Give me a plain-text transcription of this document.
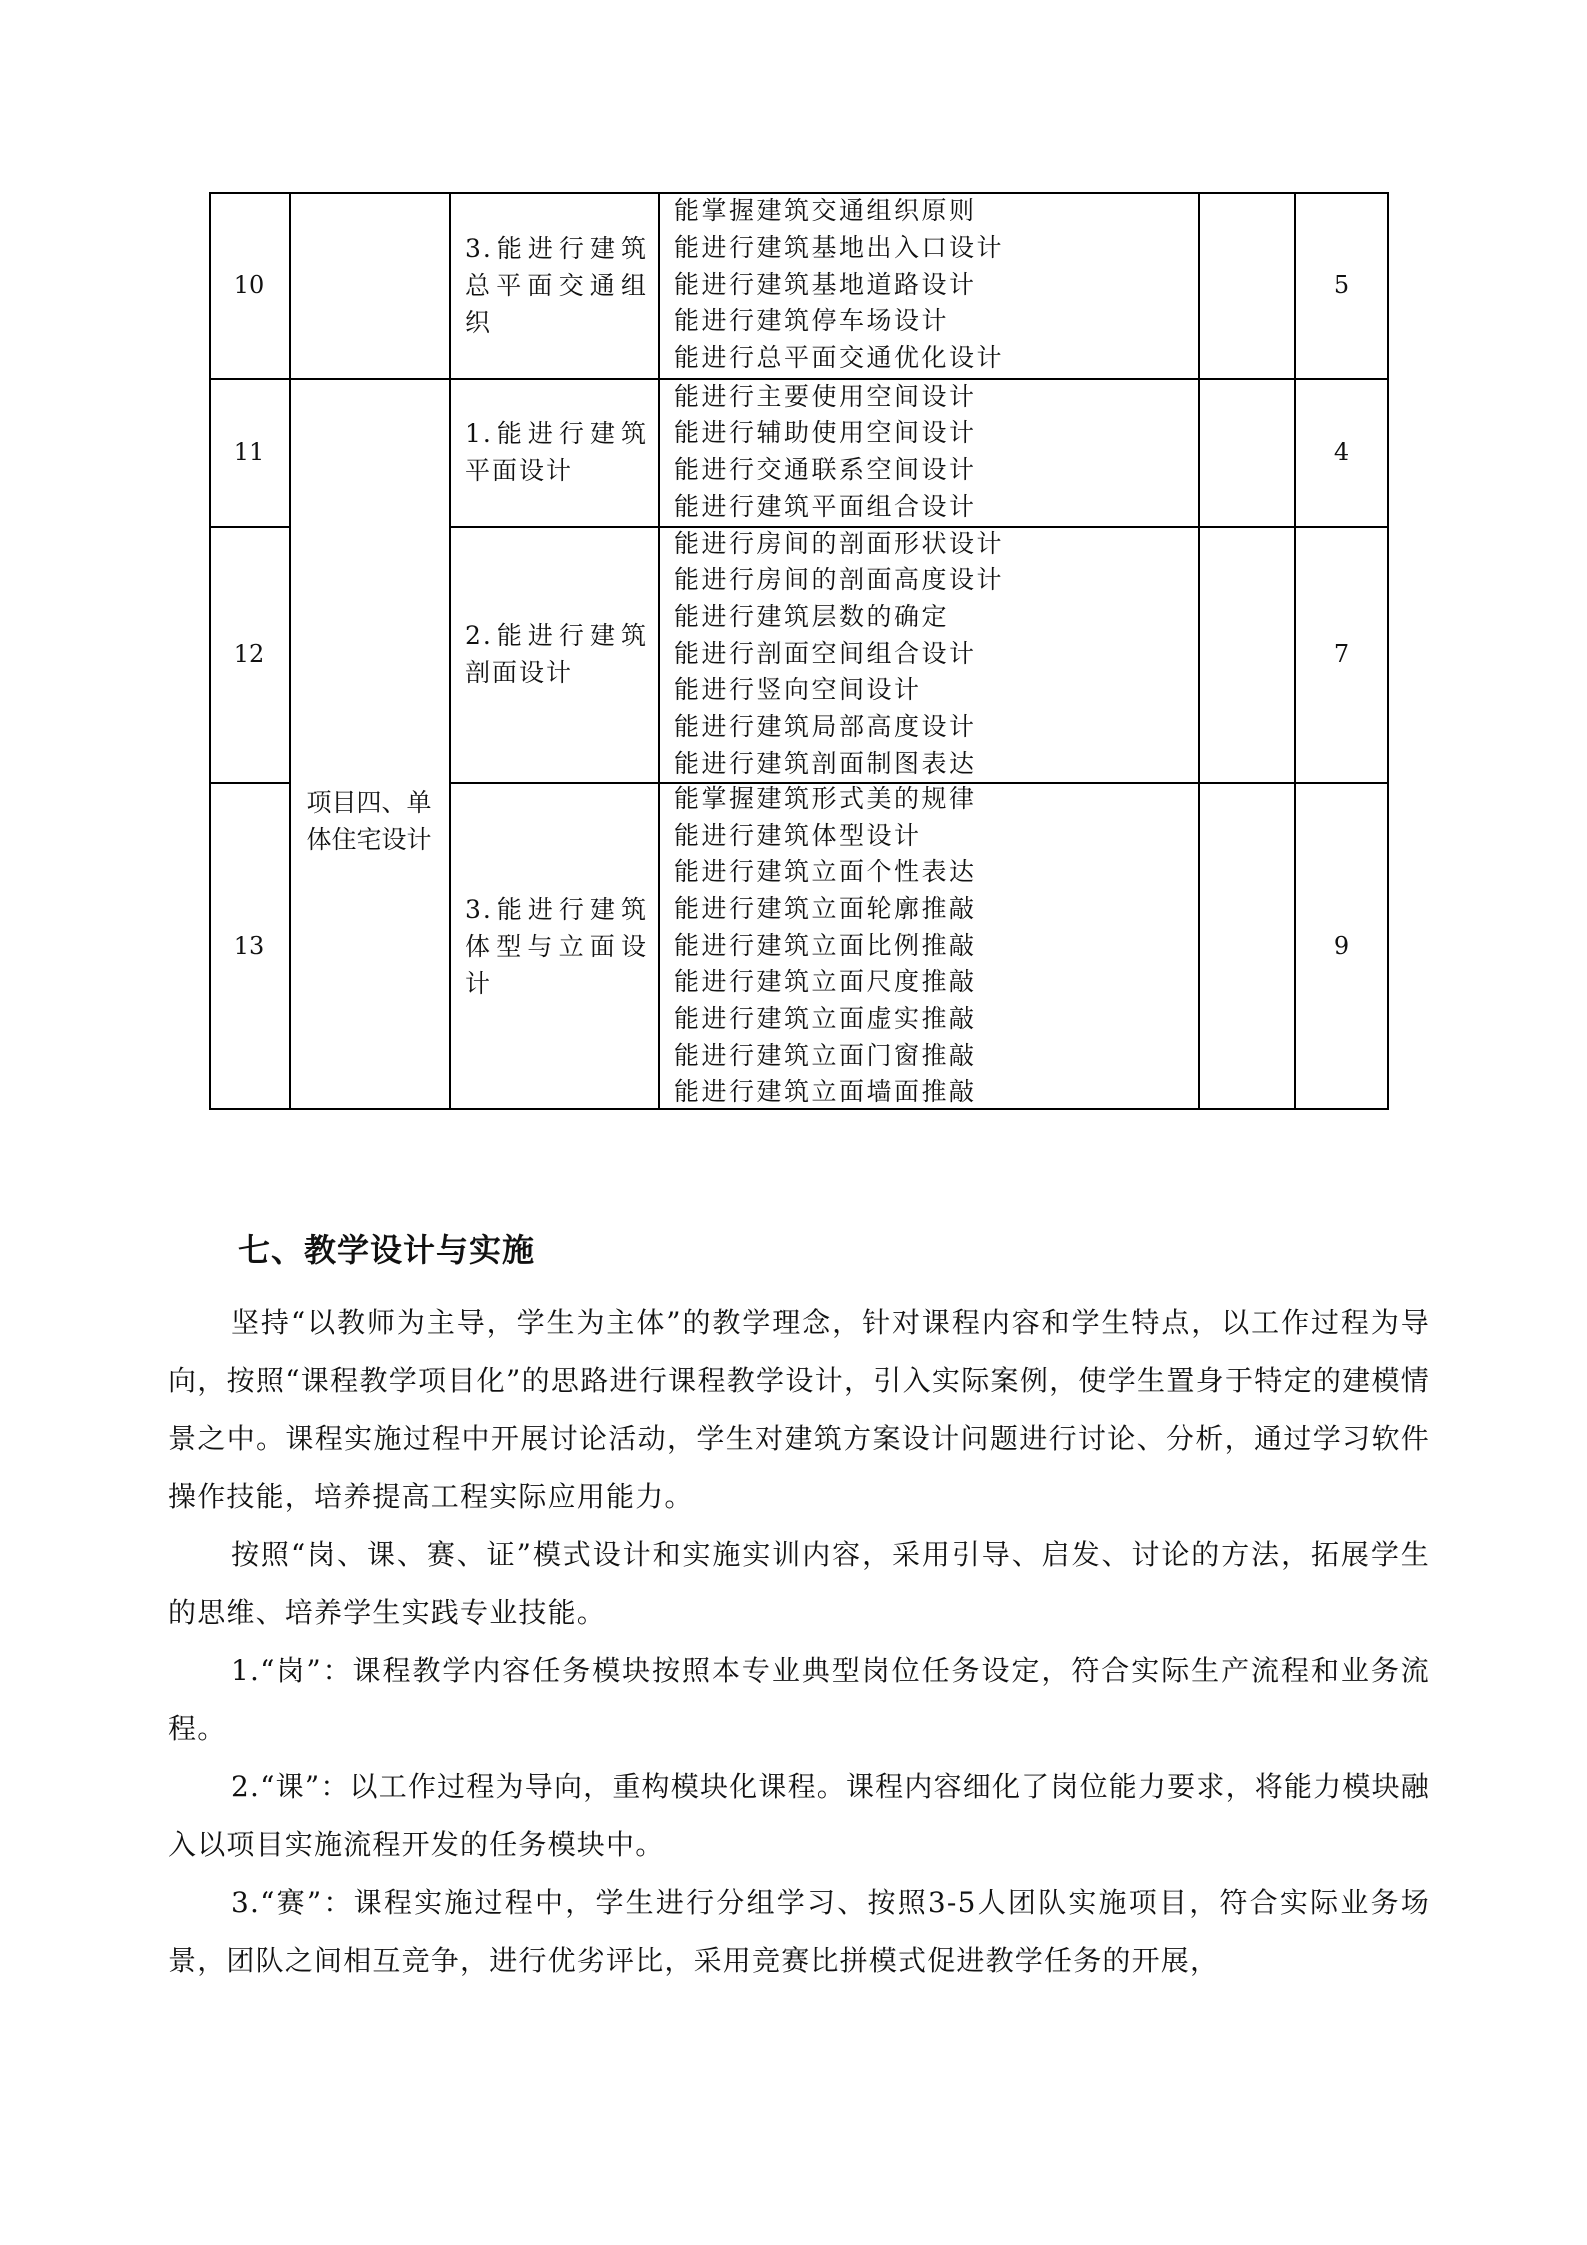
10
3.能进行建筑总平面交通组织
能掌握建筑交通组织原则
能进行建筑基地出入口设计
能进行建筑基地道路设计
能进行建筑停车场设计
能进行总平面交通优化设计
5
项目四、单体住宅设计
11
1.能进行建筑平面设计
能进行主要使用空间设计
能进行辅助使用空间设计
能进行交通联系空间设计
能进行建筑平面组合设计
4
12
2.能进行建筑剖面设计
能进行房间的剖面形状设计
能进行房间的剖面高度设计
能进行建筑层数的确定
能进行剖面空间组合设计
能进行竖向空间设计
能进行建筑局部高度设计
能进行建筑剖面制图表达
7
13
3.能进行建筑体型与立面设计
能掌握建筑形式美的规律
能进行建筑体型设计
能进行建筑立面个性表达
能进行建筑立面轮廓推敲
能进行建筑立面比例推敲
能进行建筑立面尺度推敲
能进行建筑立面虚实推敲
能进行建筑立面门窗推敲
能进行建筑立面墙面推敲
9
七、教学设计与实施

坚持“以教师为主导，学生为主体”的教学理念，针对课程内容和学生特点，以工作过程为导向，按照“课程教学项目化”的思路进行课程教学设计，引入实际案例，使学生置身于特定的建模情景之中。课程实施过程中开展讨论活动，学生对建筑方案设计问题进行讨论、分析，通过学习软件操作技能，培养提高工程实际应用能力。

按照“岗、课、赛、证”模式设计和实施实训内容，采用引导、启发、讨论的方法，拓展学生的思维、培养学生实践专业技能。

1.“岗”：课程教学内容任务模块按照本专业典型岗位任务设定，符合实际生产流程和业务流程。

2.“课”：以工作过程为导向，重构模块化课程。课程内容细化了岗位能力要求，将能力模块融入以项目实施流程开发的任务模块中。

3.“赛”：课程实施过程中，学生进行分组学习、按照3-5人团队实施项目，符合实际业务场景，团队之间相互竞争，进行优劣评比，采用竞赛比拼模式促进教学任务的开展，
